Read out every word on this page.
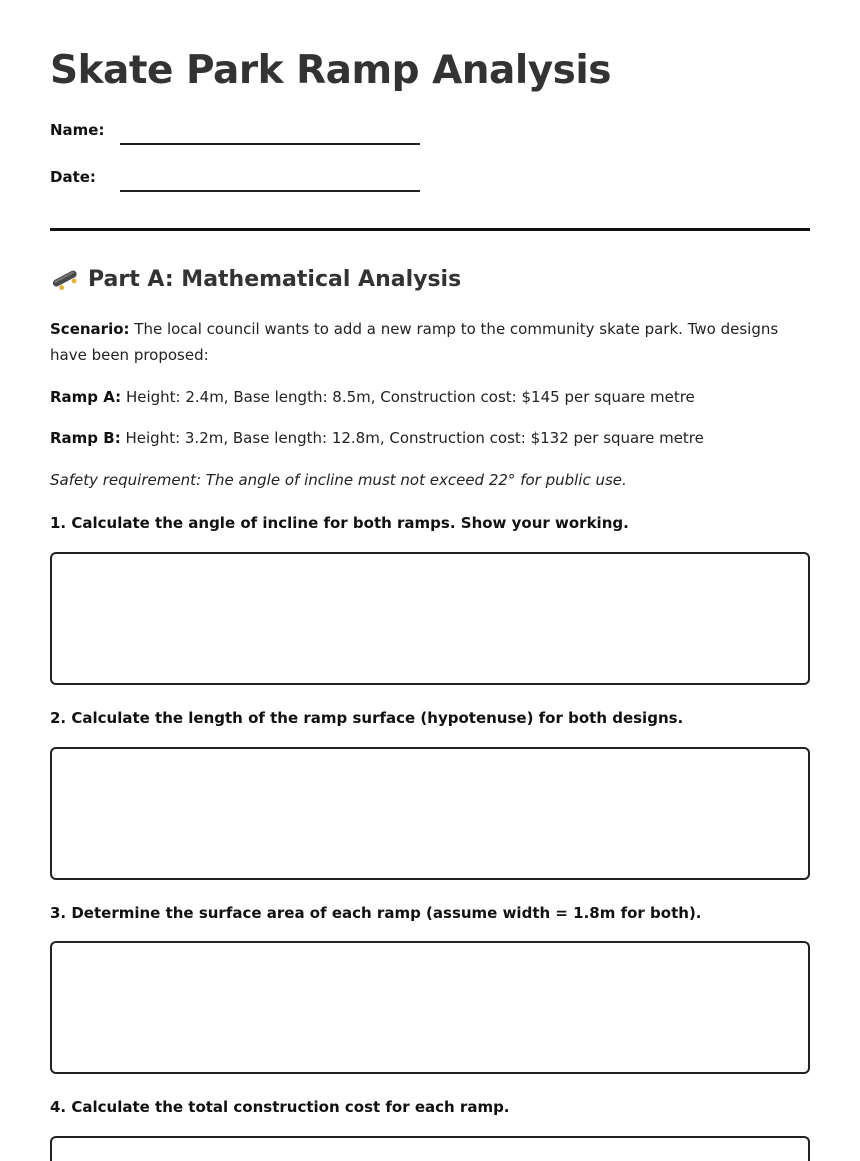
Skate Park Ramp Analysis
Name:
Date:
Part A: Mathematical Analysis

Scenario: The local council wants to add a new ramp to the community skate park. Two designs have been proposed:

Ramp A: Height: 2.4m, Base length: 8.5m, Construction cost: $145 per square metre

Ramp B: Height: 3.2m, Base length: 12.8m, Construction cost: $132 per square metre

Safety requirement: The angle of incline must not exceed 22° for public use.

1. Calculate the angle of incline for both ramps. Show your working.

2. Calculate the length of the ramp surface (hypotenuse) for both designs.

3. Determine the surface area of each ramp (assume width = 1.8m for both).

4. Calculate the total construction cost for each ramp.
